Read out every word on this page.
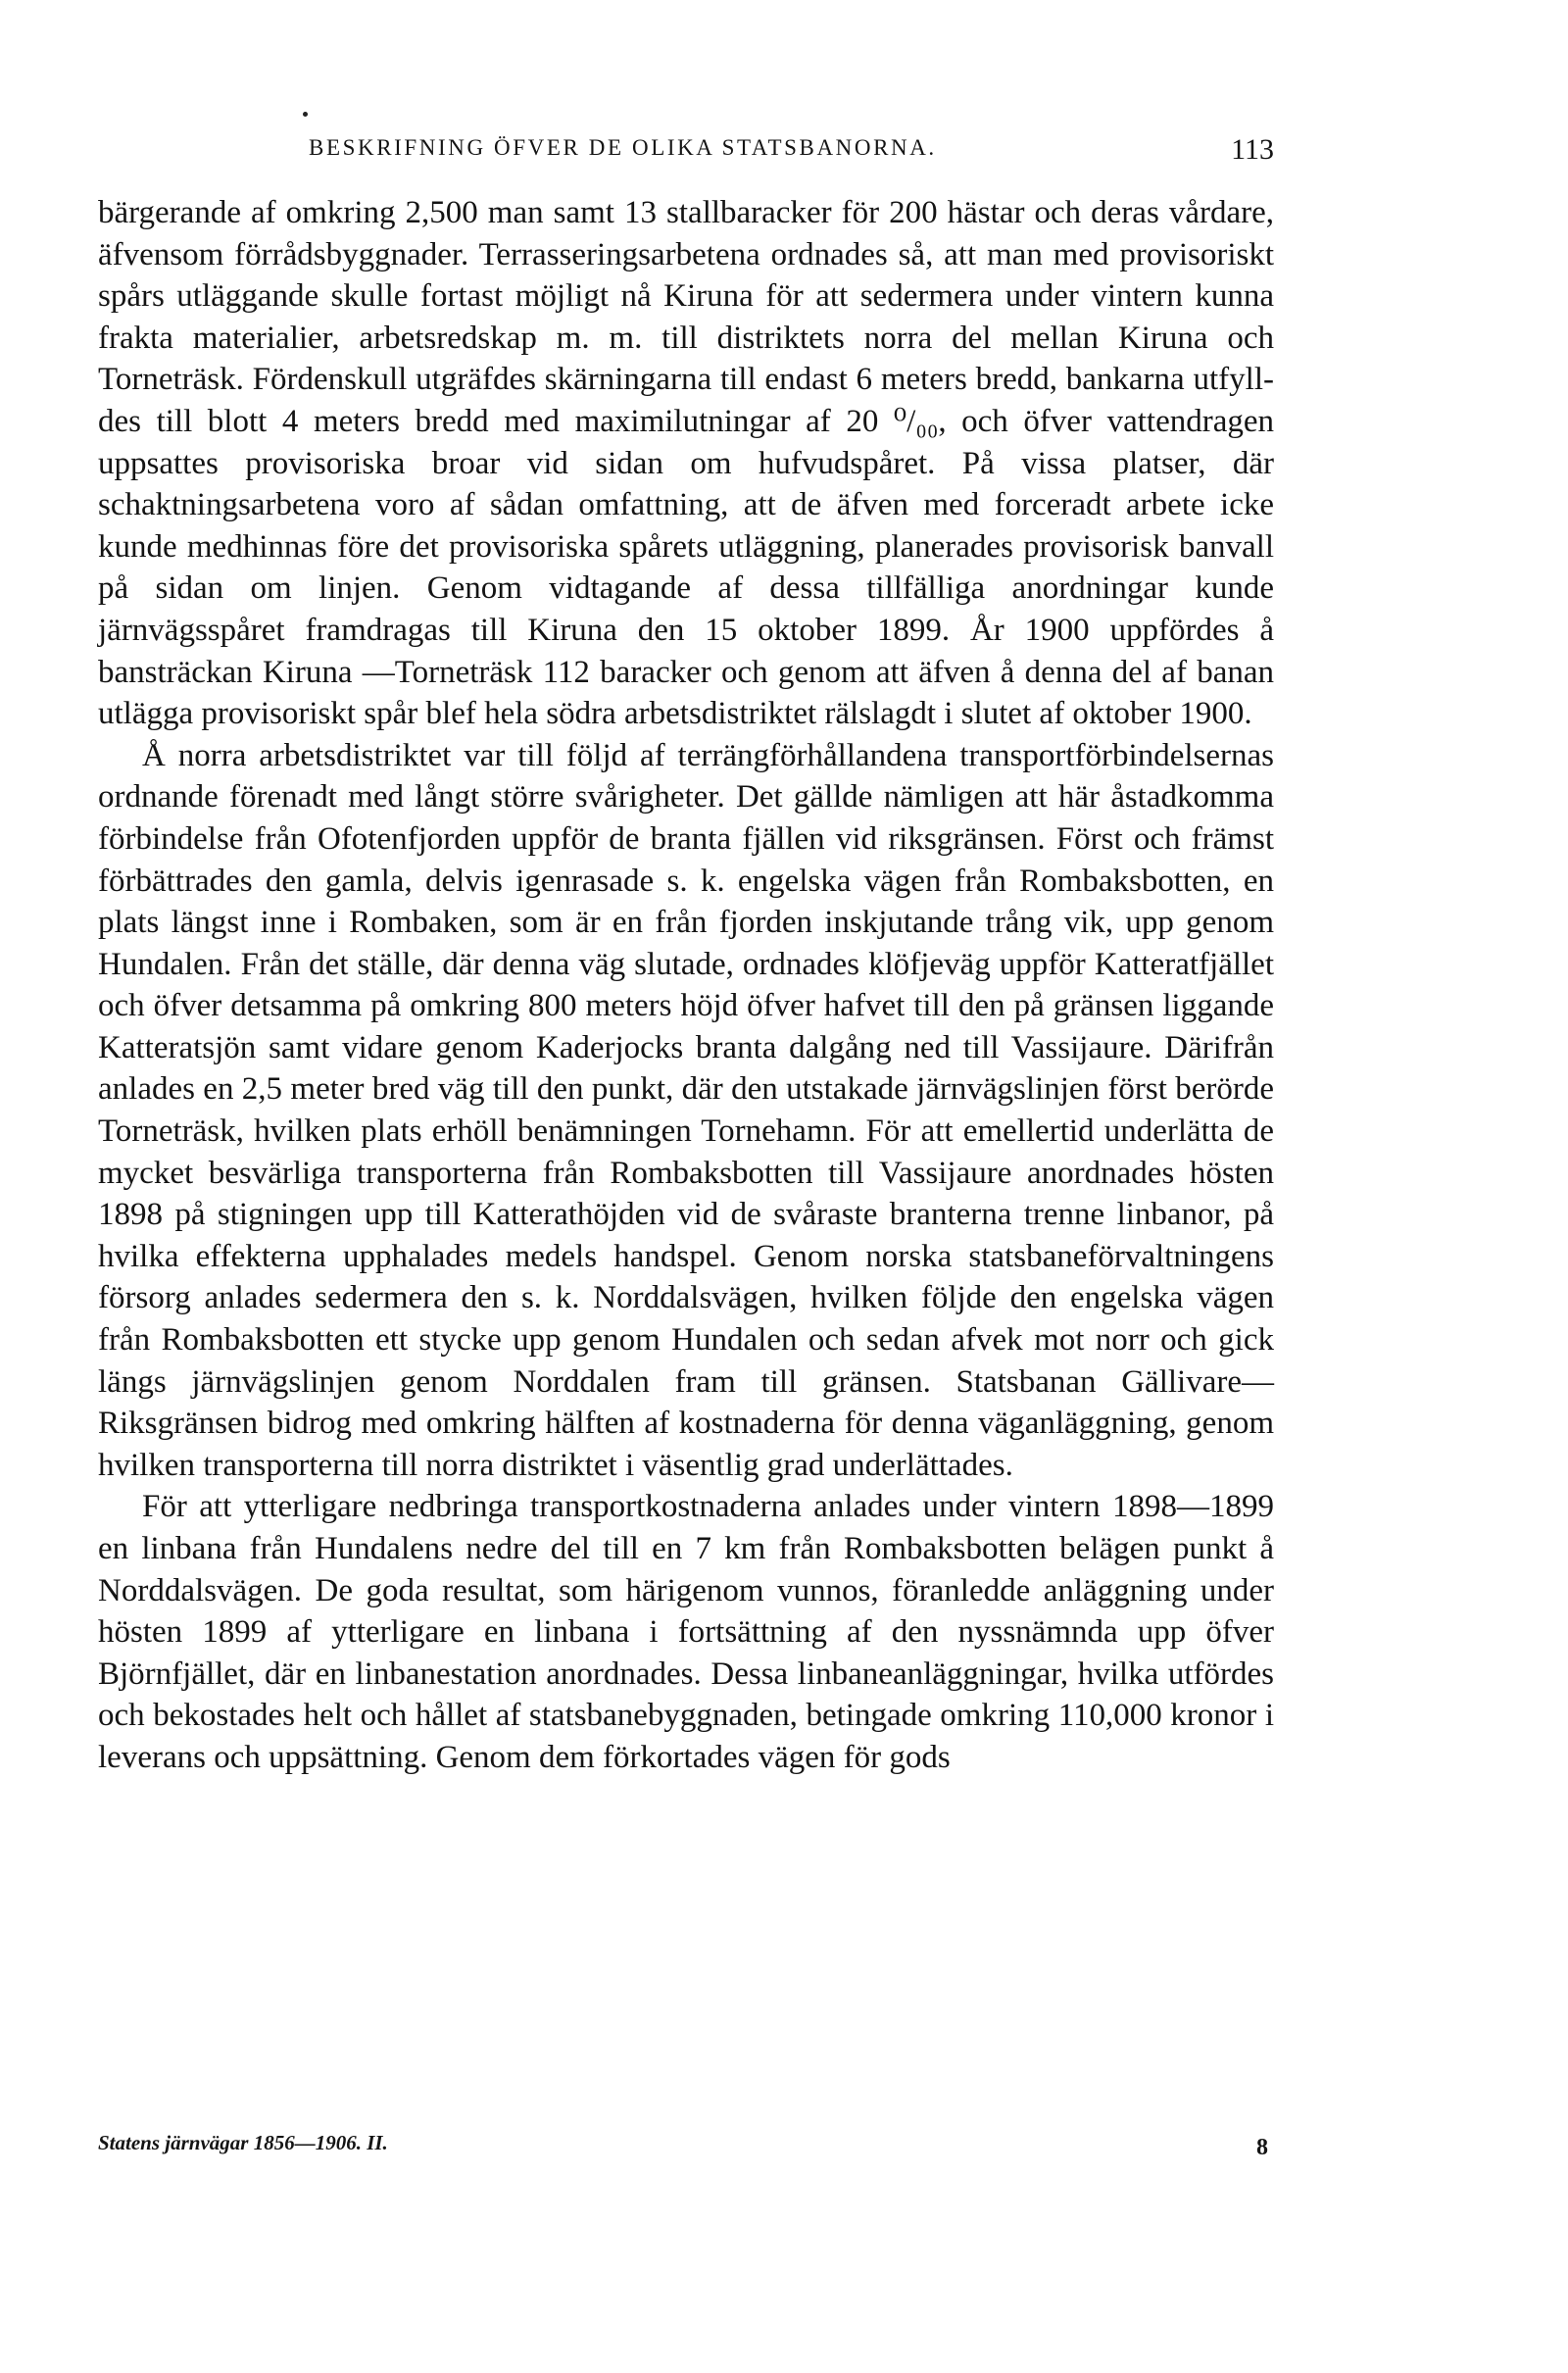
BESKRIFNING ÖFVER DE OLIKA STATSBANORNA.	113

bärgerande af omkring 2,500 man samt 13 stallbaracker för 200 hästar och deras vårdare, äfvensom förrådsbyggnader. Terrasseringsarbetena ordnades så, att man med provisoriskt spårs utläggande skulle fortast möjligt nå Kiruna för att sedermera under vintern kunna frakta materialier, arbetsredskap m. m. till distriktets norra del mellan Kiruna och Torneträsk. Fördenskull utgräfdes skärningarna till endast 6 meters bredd, bankarna utfylldes till blott 4 meters bredd med maximilutningar af 20 ⁰/₀₀, och öfver vattendragen uppsattes provisoriska broar vid sidan om hufvudspåret. På vissa platser, där schaktningsarbetena voro af sådan omfattning, att de äfven med forceradt arbete icke kunde medhinnas före det provisoriska spårets utläggning, planerades provisorisk banvall på sidan om linjen. Genom vidtagande af dessa tillfälliga anordningar kunde järnvägsspåret framdragas till Kiruna den 15 oktober 1899. År 1900 uppfördes å bansträckan Kiruna —Torneträsk 112 baracker och genom att äfven å denna del af banan utlägga provisoriskt spår blef hela södra arbetsdistriktet rälslagdt i slutet af oktober 1900.

Å norra arbetsdistriktet var till följd af terrängförhållandena transportförbindelsernas ordnande förenadt med långt större svårigheter. Det gällde nämligen att här åstadkomma förbindelse från Ofotenfjorden uppför de branta fjällen vid riksgränsen. Först och främst förbättrades den gamla, delvis igenrasade s. k. engelska vägen från Rombaksbotten, en plats längst inne i Rombaken, som är en från fjorden inskjutande trång vik, upp genom Hundalen. Från det ställe, där denna väg slutade, ordnades klöfjeväg uppför Katteratfjället och öfver detsamma på omkring 800 meters höjd öfver hafvet till den på gränsen liggande Katteratsjön samt vidare genom Kaderjocks branta dalgång ned till Vassijaure. Därifrån anlades en 2,5 meter bred väg till den punkt, där den utstakade järnvägslinjen först berörde Torneträsk, hvilken plats erhöll benämningen Tornehamn. För att emellertid underlätta de mycket besvärliga transporterna från Rombaksbotten till Vassijaure anordnades hösten 1898 på stigningen upp till Katterathöjden vid de svåraste branterna trenne linbanor, på hvilka effekterna upphalades medels handspel. Genom norska statsbaneförvaltningens försorg anlades sedermera den s. k. Norddalsvägen, hvilken följde den engelska vägen från Rombaksbotten ett stycke upp genom Hundalen och sedan afvek mot norr och gick längs järnvägslinjen genom Norddalen fram till gränsen. Statsbanan Gällivare—Riksgränsen bidrog med omkring hälften af kostnaderna för denna väganläggning, genom hvilken transporterna till norra distriktet i väsentlig grad underlättades.

För att ytterligare nedbringa transportkostnaderna anlades under vintern 1898—1899 en linbana från Hundalens nedre del till en 7 km från Rombaksbotten belägen punkt å Norddalsvägen. De goda resultat, som härigenom vunnos, föranledde anläggning under hösten 1899 af ytterligare en linbana i fortsättning af den nyssnämnda upp öfver Björnfjället, där en linbanestation anordnades. Dessa linbaneanläggningar, hvilka utfördes och bekostades helt och hållet af statsbanebyggnaden, betingade omkring 110,000 kronor i leverans och uppsättning. Genom dem förkortades vägen för gods

Statens järnvägar 1856—1906. II.	8
